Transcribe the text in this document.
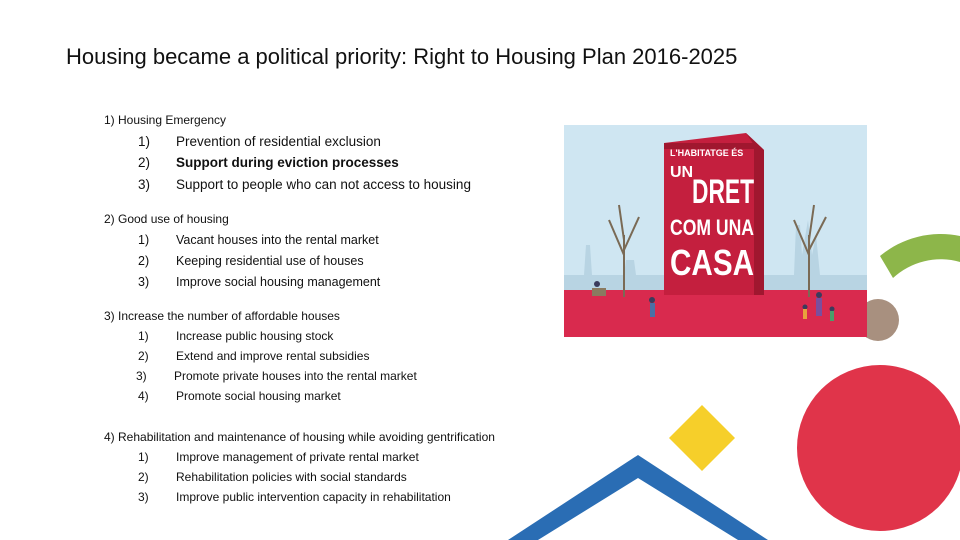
Housing became a political priority: Right to Housing Plan 2016-2025
1) Housing Emergency
1) Prevention of residential exclusion
2) Support during eviction processes
3) Support to people who can not access to housing
2) Good use of housing
1) Vacant houses into the rental market
2) Keeping residential use of houses
3) Improve social housing management
3) Increase the number of affordable houses
1) Increase public housing stock
2) Extend and improve rental subsidies
3) Promote private houses into the rental market
4) Promote social housing market
4) Rehabilitation and maintenance of housing while avoiding gentrification
1) Improve management of private rental market
2) Rehabilitation policies with social standards
3) Improve public intervention capacity in rehabilitation
L'HABITATGE ÉS
UN
DRET
COM UNA
CASA
